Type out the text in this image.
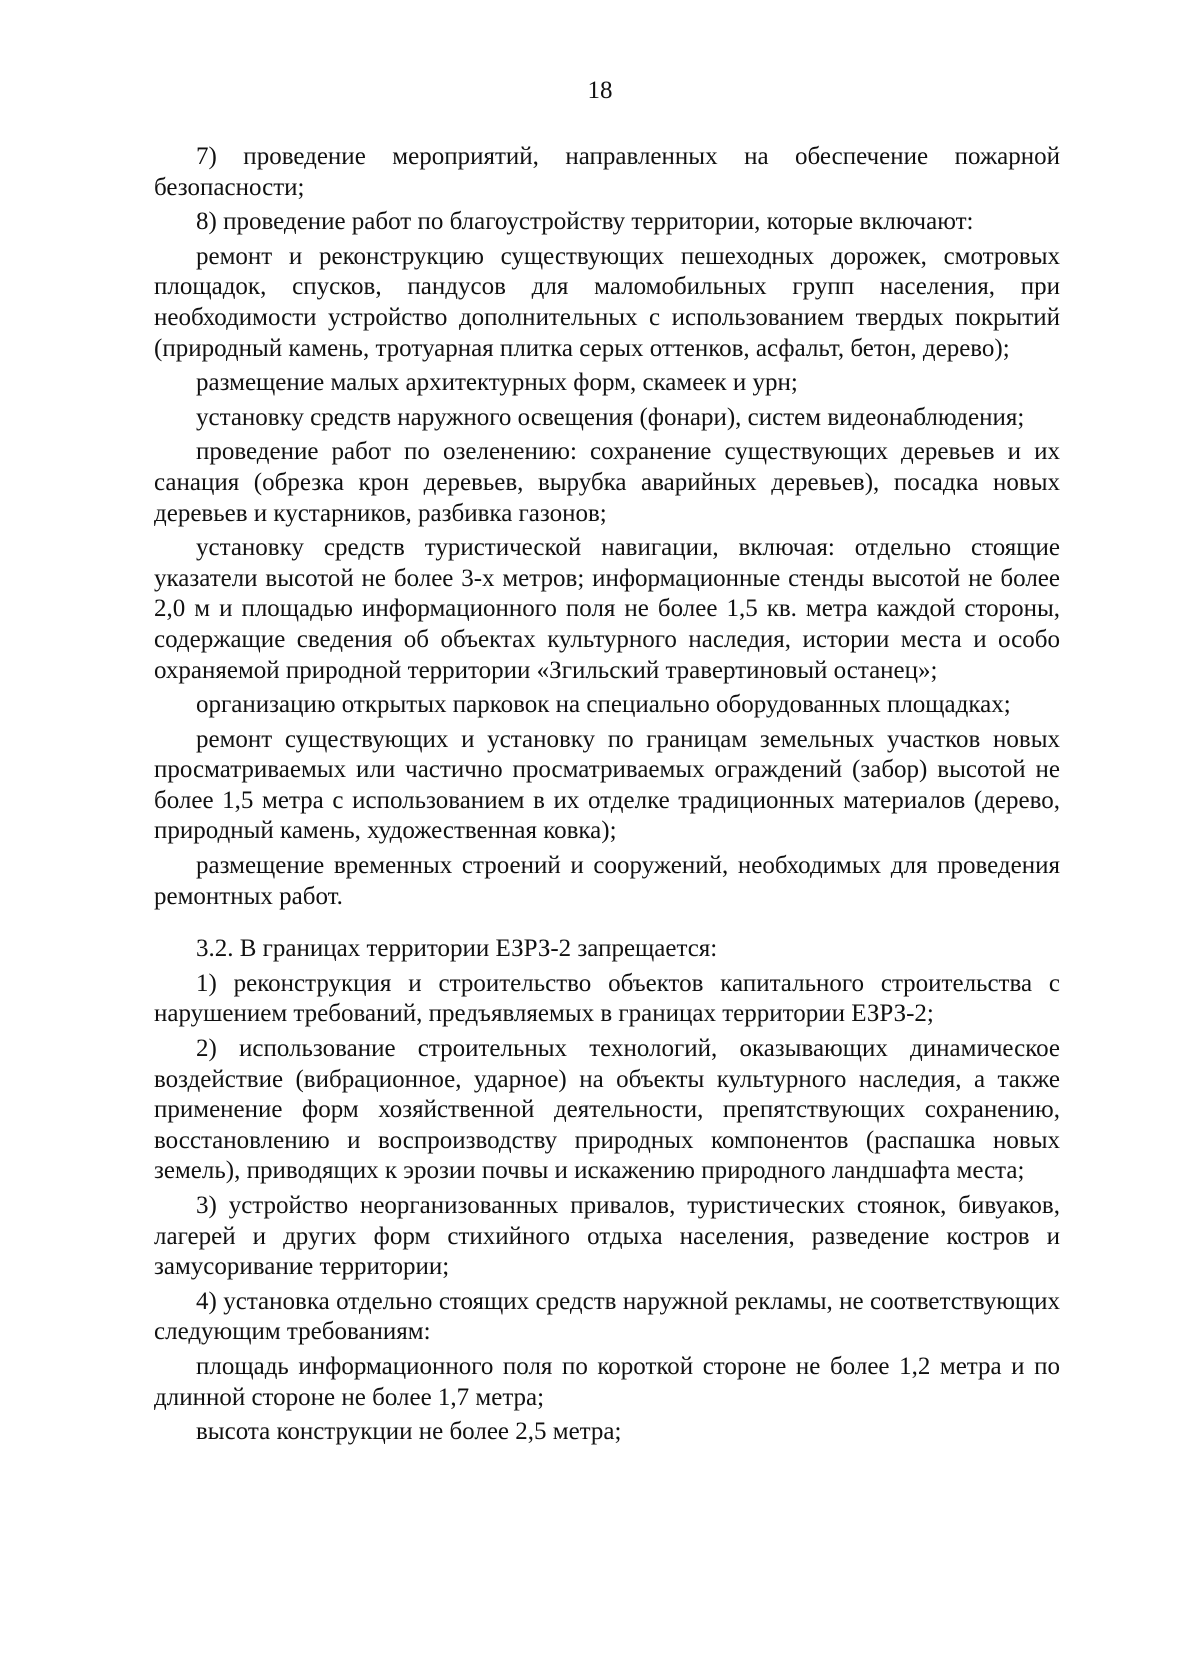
18

7) проведение мероприятий, направленных на обеспечение пожарной безопасности;

8) проведение работ по благоустройству территории, которые включают:

ремонт и реконструкцию существующих пешеходных дорожек, смотровых площадок, спусков, пандусов для маломобильных групп населения, при необходимости устройство дополнительных с использованием твердых покрытий (природный камень, тротуарная плитка серых оттенков, асфальт, бетон, дерево);

размещение малых архитектурных форм, скамеек и урн;

установку средств наружного освещения (фонари), систем видеонаблюдения;

проведение работ по озеленению: сохранение существующих деревьев и их санация (обрезка крон деревьев, вырубка аварийных деревьев), посадка новых деревьев и кустарников, разбивка газонов;

установку средств туристической навигации, включая: отдельно стоящие указатели высотой не более 3-х метров; информационные стенды высотой не более 2,0 м и площадью информационного поля не более 1,5 кв. метра каждой стороны, содержащие сведения об объектах культурного наследия, истории места и особо охраняемой природной территории «Згильский травертиновый останец»;

организацию открытых парковок на специально оборудованных площадках;

ремонт существующих и установку по границам земельных участков новых просматриваемых или частично просматриваемых ограждений (забор) высотой не более 1,5 метра с использованием в их отделке традиционных материалов (дерево, природный камень, художественная ковка);

размещение временных строений и сооружений, необходимых для проведения ремонтных работ.

3.2. В границах территории ЕЗРЗ-2 запрещается:

1) реконструкция и строительство объектов капитального строительства с нарушением требований, предъявляемых в границах территории ЕЗРЗ-2;

2) использование строительных технологий, оказывающих динамическое воздействие (вибрационное, ударное) на объекты культурного наследия, а также применение форм хозяйственной деятельности, препятствующих сохранению, восстановлению и воспроизводству природных компонентов (распашка новых земель), приводящих к эрозии почвы и искажению природного ландшафта места;

3) устройство неорганизованных привалов, туристических стоянок, бивуаков, лагерей и других форм стихийного отдыха населения, разведение костров и замусоривание территории;

4) установка отдельно стоящих средств наружной рекламы, не соответствующих следующим требованиям:

площадь информационного поля по короткой стороне не более 1,2 метра и по длинной стороне не более 1,7 метра;

высота конструкции не более 2,5 метра;
